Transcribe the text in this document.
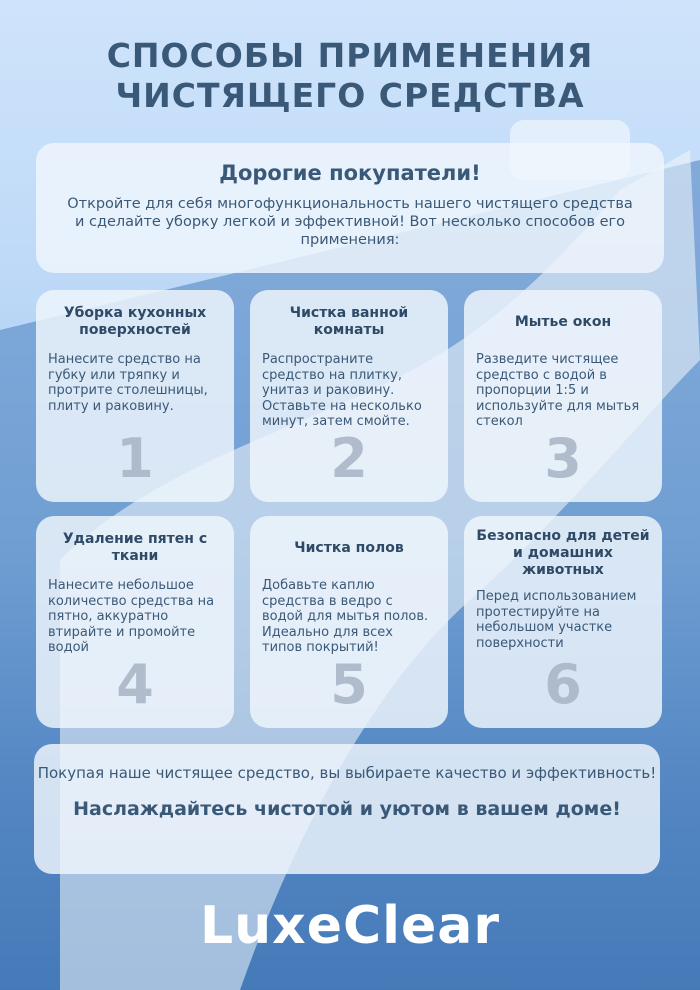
СПОСОБЫ ПРИМЕНЕНИЯ
ЧИСТЯЩЕГО СРЕДСТВА
Дорогие покупатели!

Откройте для себя многофункциональность нашего чистящего средства и сделайте уборку легкой и эффективной! Вот несколько способов его применения:

Уборка кухонных поверхностей

Нанесите средство на губку или тряпку и протрите столешницы, плиту и раковину.

1
Чистка ванной комнаты

Распространите средство на плитку, унитаз и раковину. Оставьте на несколько минут, затем смойте.

2
Мытье окон

Разведите чистящее средство с водой в пропорции 1:5 и используйте для мытья стекол

3
Удаление пятен с ткани

Нанесите небольшое количество средства на пятно, аккуратно втирайте и промойте водой

4
Чистка полов

Добавьте каплю средства в ведро с водой для мытья полов. Идеально для всех типов покрытий!

5
Безопасно для детей и домашних животных

Перед использованием протестируйте на небольшом участке поверхности

6

Покупая наше чистящее средство, вы выбираете качество и эффективность!

Наслаждайтесь чистотой и уютом в вашем доме!
LuxeClear
